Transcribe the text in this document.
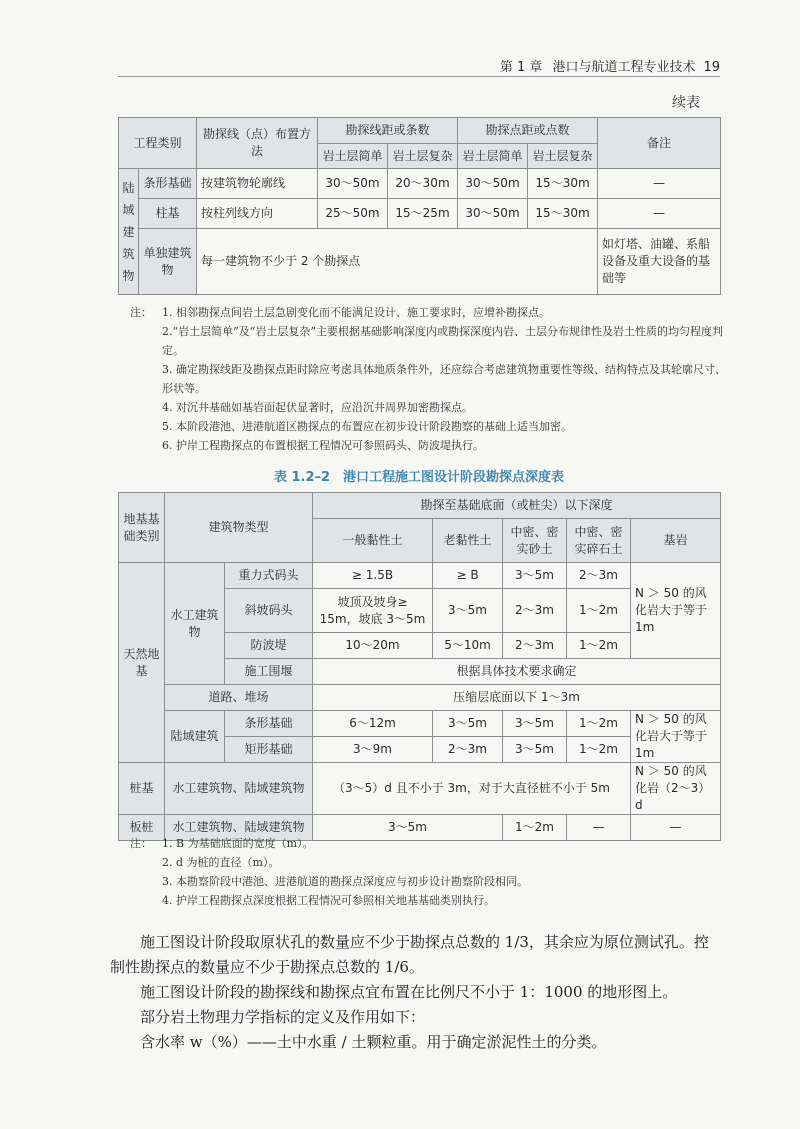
第 1 章 港口与航道工程专业技术 19
续表
工程类别		勘探线（点）布置方法	勘探线距或条数		勘探点距或点数		备注
			岩土层简单	岩土层复杂	岩土层简单	岩土层复杂	
陆域建筑物	条形基础	按建筑物轮廓线	30～50m	20～30m	30～50m	15～30m	—
	柱基	按柱列线方向	25～50m	15～25m	30～50m	15～30m	—
	单独建筑物	每一建筑物不少于 2 个勘探点					如灯塔、油罐、系船设备及重大设备的基础等
注： 1. 相邻勘探点间岩土层急剧变化而不能满足设计、施工要求时，应增补勘探点。
2.“岩土层简单”及“岩土层复杂”主要根据基础影响深度内或勘探深度内岩、土层分布规律性及岩土性质的均匀程度判定。
3. 确定勘探线距及勘探点距时除应考虑具体地质条件外，还应综合考虑建筑物重要性等级、结构特点及其轮廓尺寸、形状等。
4. 对沉井基础如基岩面起伏显著时，应沿沉井周界加密勘探点。
5. 本阶段港池、进港航道区勘探点的布置应在初步设计阶段勘察的基础上适当加密。
6. 护岸工程勘探点的布置根据工程情况可参照码头、防波堤执行。
表 1.2–2　港口工程施工图设计阶段勘探点深度表
地基基础类别	建筑物类型		勘探至基础底面（或桩尖）以下深度				
			一般黏性土	老黏性土	中密、密实砂土	中密、密实碎石土	基岩
天然地基	水工建筑物	重力式码头	≥ 1.5B	≥ B	3～5m	2～3m	N ＞ 50 的风化岩大于等于 1m
		斜坡码头	坡顶及坡身≥ 15m，坡底 3～5m	3～5m	2～3m	1～2m	
		防波堤	10～20m	5～10m	2～3m	1～2m	
		施工围堰	根据具体技术要求确定				
	道路、堆场		压缩层底面以下 1～3m				
	陆域建筑	条形基础	6～12m	3～5m	3～5m	1～2m	N ＞ 50 的风化岩大于等于 1m
		矩形基础	3～9m	2～3m	3～5m	1～2m	
桩基	水工建筑物、陆域建筑物		（3～5）d 且不小于 3m，对于大直径桩不小于 5m				N ＞ 50 的风化岩（2～3）d
板桩	水工建筑物、陆域建筑物		3～5m		1～2m	—	—
注： 1. B 为基础底面的宽度（m）。
2. d 为桩的直径（m）。
3. 本勘察阶段中港池、进港航道的勘探点深度应与初步设计勘察阶段相同。
4. 护岸工程勘探点深度根据工程情况可参照相关地基基础类别执行。

施工图设计阶段取原状孔的数量应不少于勘探点总数的 1/3，其余应为原位测试孔。控制性勘探点的数量应不少于勘探点总数的 1/6。

施工图设计阶段的勘探线和勘探点宜布置在比例尺不小于 1：1000 的地形图上。

部分岩土物理力学指标的定义及作用如下：

含水率 w（%）——土中水重 / 土颗粒重。用于确定淤泥性土的分类。
